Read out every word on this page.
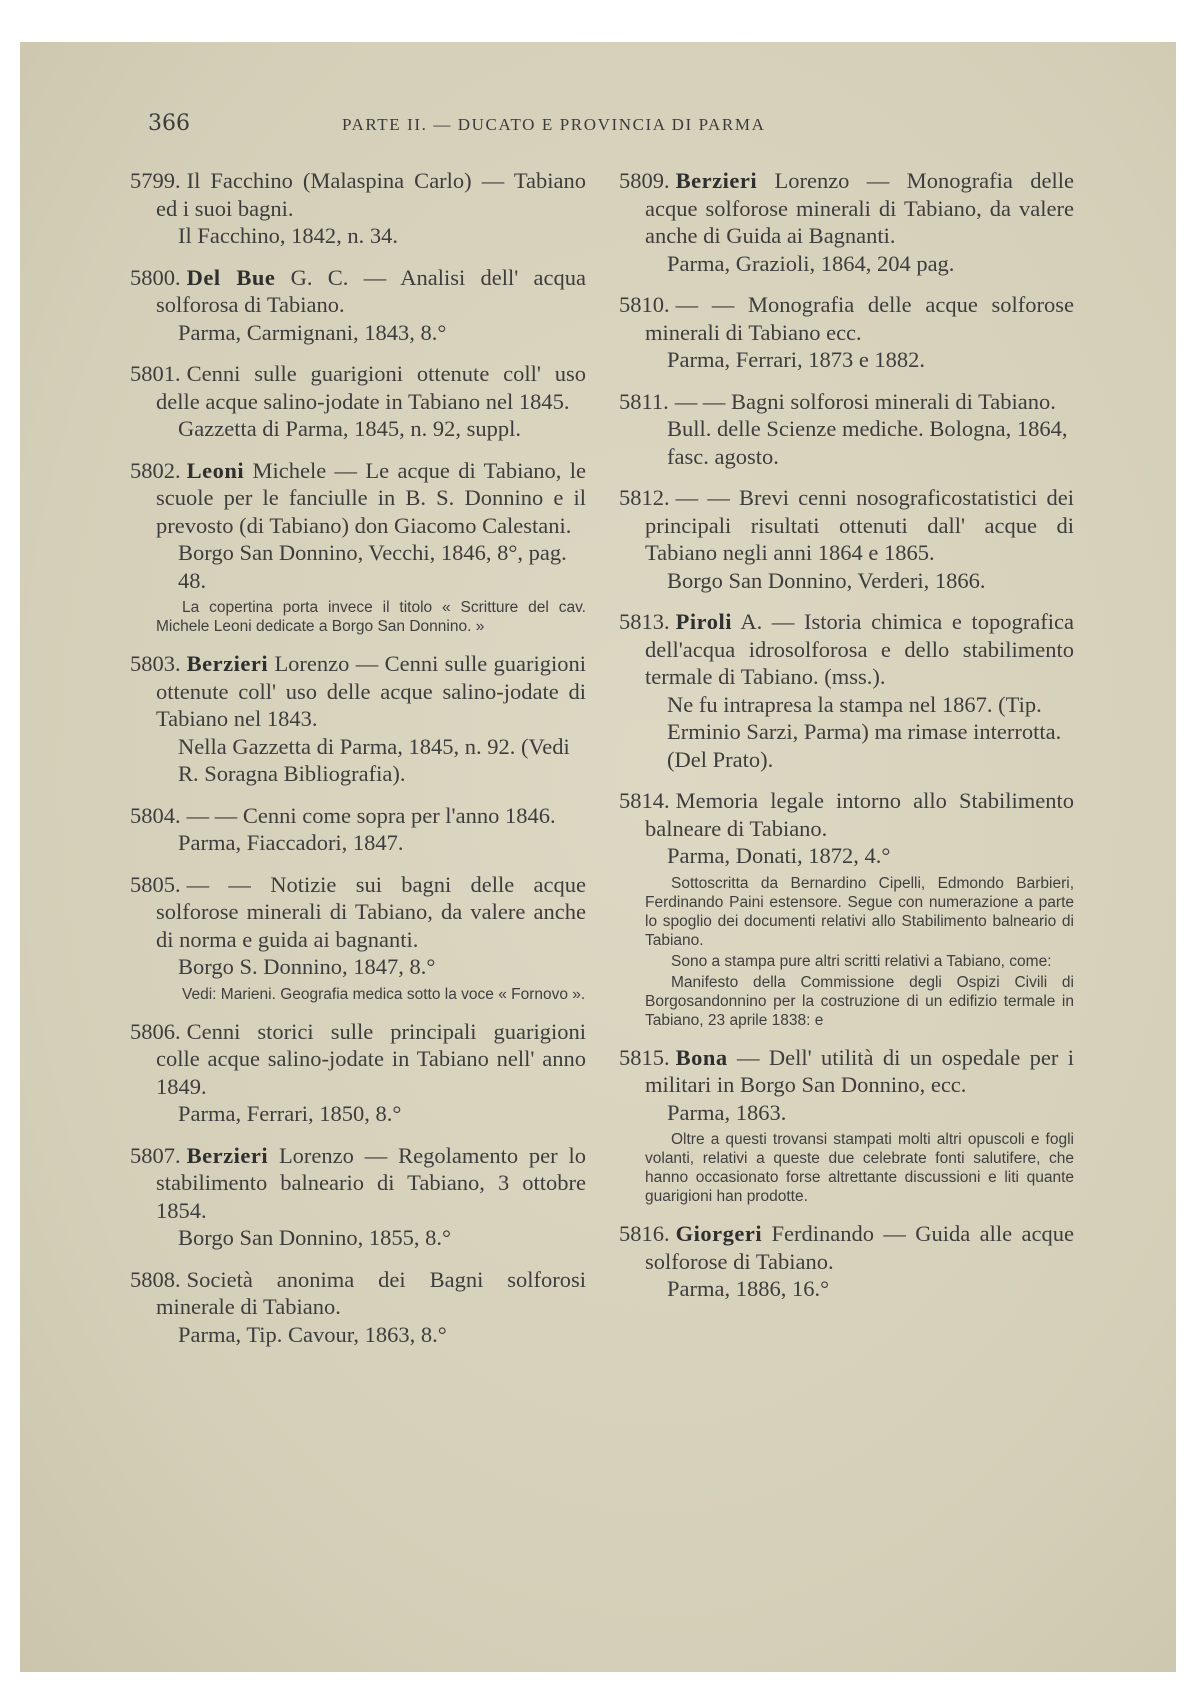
366	PARTE II. — DUCATO E PROVINCIA DI PARMA
5799. Il Facchino (Malaspina Carlo) — Tabiano ed i suoi bagni.
Il Facchino, 1842, n. 34.
5800. Del Bue G. C. — Analisi dell' acqua solforosa di Tabiano.
Parma, Carmignani, 1843, 8.°
5801. Cenni sulle guarigioni ottenute coll' uso delle acque salino-jodate in Tabiano nel 1845.
Gazzetta di Parma, 1845, n. 92, suppl.
5802. Leoni Michele — Le acque di Tabiano, le scuole per le fanciulle in B. S. Donnino e il prevosto (di Tabiano) don Giacomo Calestani.
Borgo San Donnino, Vecchi, 1846, 8°, pag. 48.
La copertina porta invece il titolo « Scritture del cav. Michele Leoni dedicate a Borgo San Donnino. »
5803. Berzieri Lorenzo — Cenni sulle guarigioni ottenute coll' uso delle acque salino-jodate di Tabiano nel 1843.
Nella Gazzetta di Parma, 1845, n. 92. (Vedi R. Soragna Bibliografia).
5804. — — Cenni come sopra per l'anno 1846.
Parma, Fiaccadori, 1847.
5805. — — Notizie sui bagni delle acque solforose minerali di Tabiano, da valere anche di norma e guida ai bagnanti.
Borgo S. Donnino, 1847, 8.°
Vedi: Marieni. Geografia medica sotto la voce « Fornovo ».
5806. Cenni storici sulle principali guarigioni colle acque salino-jodate in Tabiano nell' anno 1849.
Parma, Ferrari, 1850, 8.°
5807. Berzieri Lorenzo — Regolamento per lo stabilimento balneario di Tabiano, 3 ottobre 1854.
Borgo San Donnino, 1855, 8.°
5808. Società anonima dei Bagni solforosi minerale di Tabiano.
Parma, Tip. Cavour, 1863, 8.°
5809. Berzieri Lorenzo — Monografia delle acque solforose minerali di Tabiano, da valere anche di Guida ai Bagnanti.
Parma, Grazioli, 1864, 204 pag.
5810. — — Monografia delle acque solforose minerali di Tabiano ecc.
Parma, Ferrari, 1873 e 1882.
5811. — — Bagni solforosi minerali di Tabiano.
Bull. delle Scienze mediche. Bologna, 1864, fasc. agosto.
5812. — — Brevi cenni nosograficostatistici dei principali risultati ottenuti dall' acque di Tabiano negli anni 1864 e 1865.
Borgo San Donnino, Verderi, 1866.
5813. Piroli A. — Istoria chimica e topografica dell'acqua idrosolforosa e dello stabilimento termale di Tabiano. (mss.).
Ne fu intrapresa la stampa nel 1867. (Tip. Erminio Sarzi, Parma) ma rimase interrotta. (Del Prato).
5814. Memoria legale intorno allo Stabilimento balneare di Tabiano.
Parma, Donati, 1872, 4.°
Sottoscritta da Bernardino Cipelli, Edmondo Barbieri, Ferdinando Paini estensore. Segue con numerazione a parte lo spoglio dei documenti relativi allo Stabilimento balneario di Tabiano.
Sono a stampa pure altri scritti relativi a Tabiano, come:
Manifesto della Commissione degli Ospizi Civili di Borgosandonnino per la costruzione di un edifizio termale in Tabiano, 23 aprile 1838: e
5815. Bona — Dell' utilità di un ospedale per i militari in Borgo San Donnino, ecc.
Parma, 1863.
Oltre a questi trovansi stampati molti altri opuscoli e fogli volanti, relativi a queste due celebrate fonti salutifere, che hanno occasionato forse altrettante discussioni e liti quante guarigioni han prodotte.
5816. Giorgeri Ferdinando — Guida alle acque solforose di Tabiano.
Parma, 1886, 16.°
